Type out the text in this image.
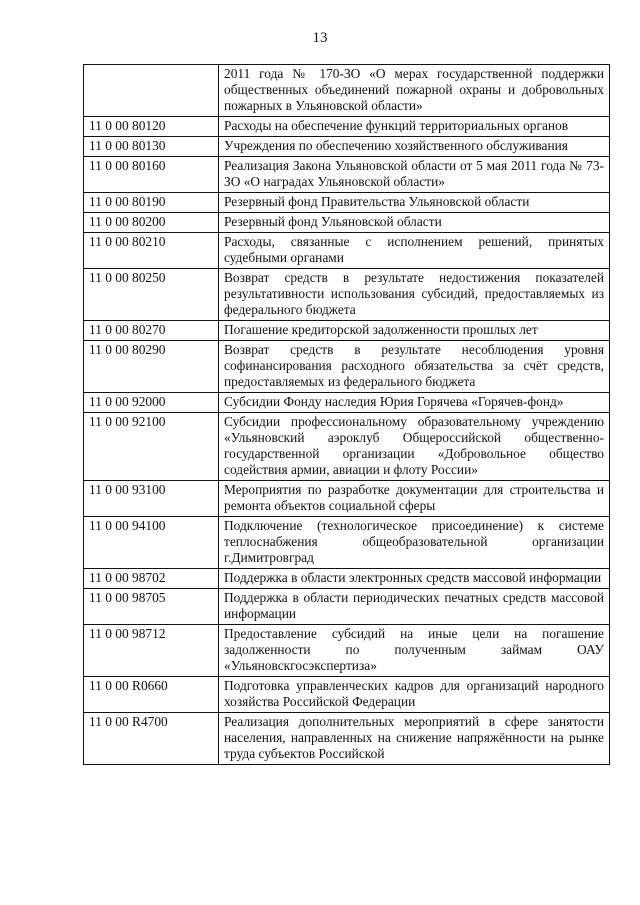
13
	2011 года № 170-ЗО «О мерах государственной поддержки общественных объединений пожарной охраны и добровольных пожарных в Ульяновской области»
11 0 00 80120	Расходы на обеспечение функций территориальных органов
11 0 00 80130	Учреждения по обеспечению хозяйственного обслуживания
11 0 00 80160	Реализация Закона Ульяновской области от 5 мая 2011 года № 73-ЗО «О наградах Ульяновской области»
11 0 00 80190	Резервный фонд Правительства Ульяновской области
11 0 00 80200	Резервный фонд Ульяновской области
11 0 00 80210	Расходы, связанные с исполнением решений, принятых судебными органами
11 0 00 80250	Возврат средств в результате недостижения показателей результативности использования субсидий, предоставляемых из федерального бюджета
11 0 00 80270	Погашение кредиторской задолженности прошлых лет
11 0 00 80290	Возврат средств в результате несоблюдения уровня софинансирования расходного обязательства за счёт средств, предоставляемых из федерального бюджета
11 0 00 92000	Субсидии Фонду наследия Юрия Горячева «Горячев-фонд»
11 0 00 92100	Субсидии профессиональному образовательному учреждению «Ульяновский аэроклуб Общероссийской общественно-государственной организации «Добровольное общество содействия армии, авиации и флоту России»
11 0 00 93100	Мероприятия по разработке документации для строительства и ремонта объектов социальной сферы
11 0 00 94100	Подключение (технологическое присоединение) к системе теплоснабжения общеобразовательной организации г.Димитровград
11 0 00 98702	Поддержка в области электронных средств массовой информации
11 0 00 98705	Поддержка в области периодических печатных средств массовой информации
11 0 00 98712	Предоставление субсидий на иные цели на погашение задолженности по полученным займам ОАУ «Ульяновскгосэкспертиза»
11 0 00 R0660	Подготовка управленческих кадров для организаций народного хозяйства Российской Федерации
11 0 00 R4700	Реализация дополнительных мероприятий в сфере занятости населения, направленных на снижение напряжённости на рынке труда субъектов Российской
